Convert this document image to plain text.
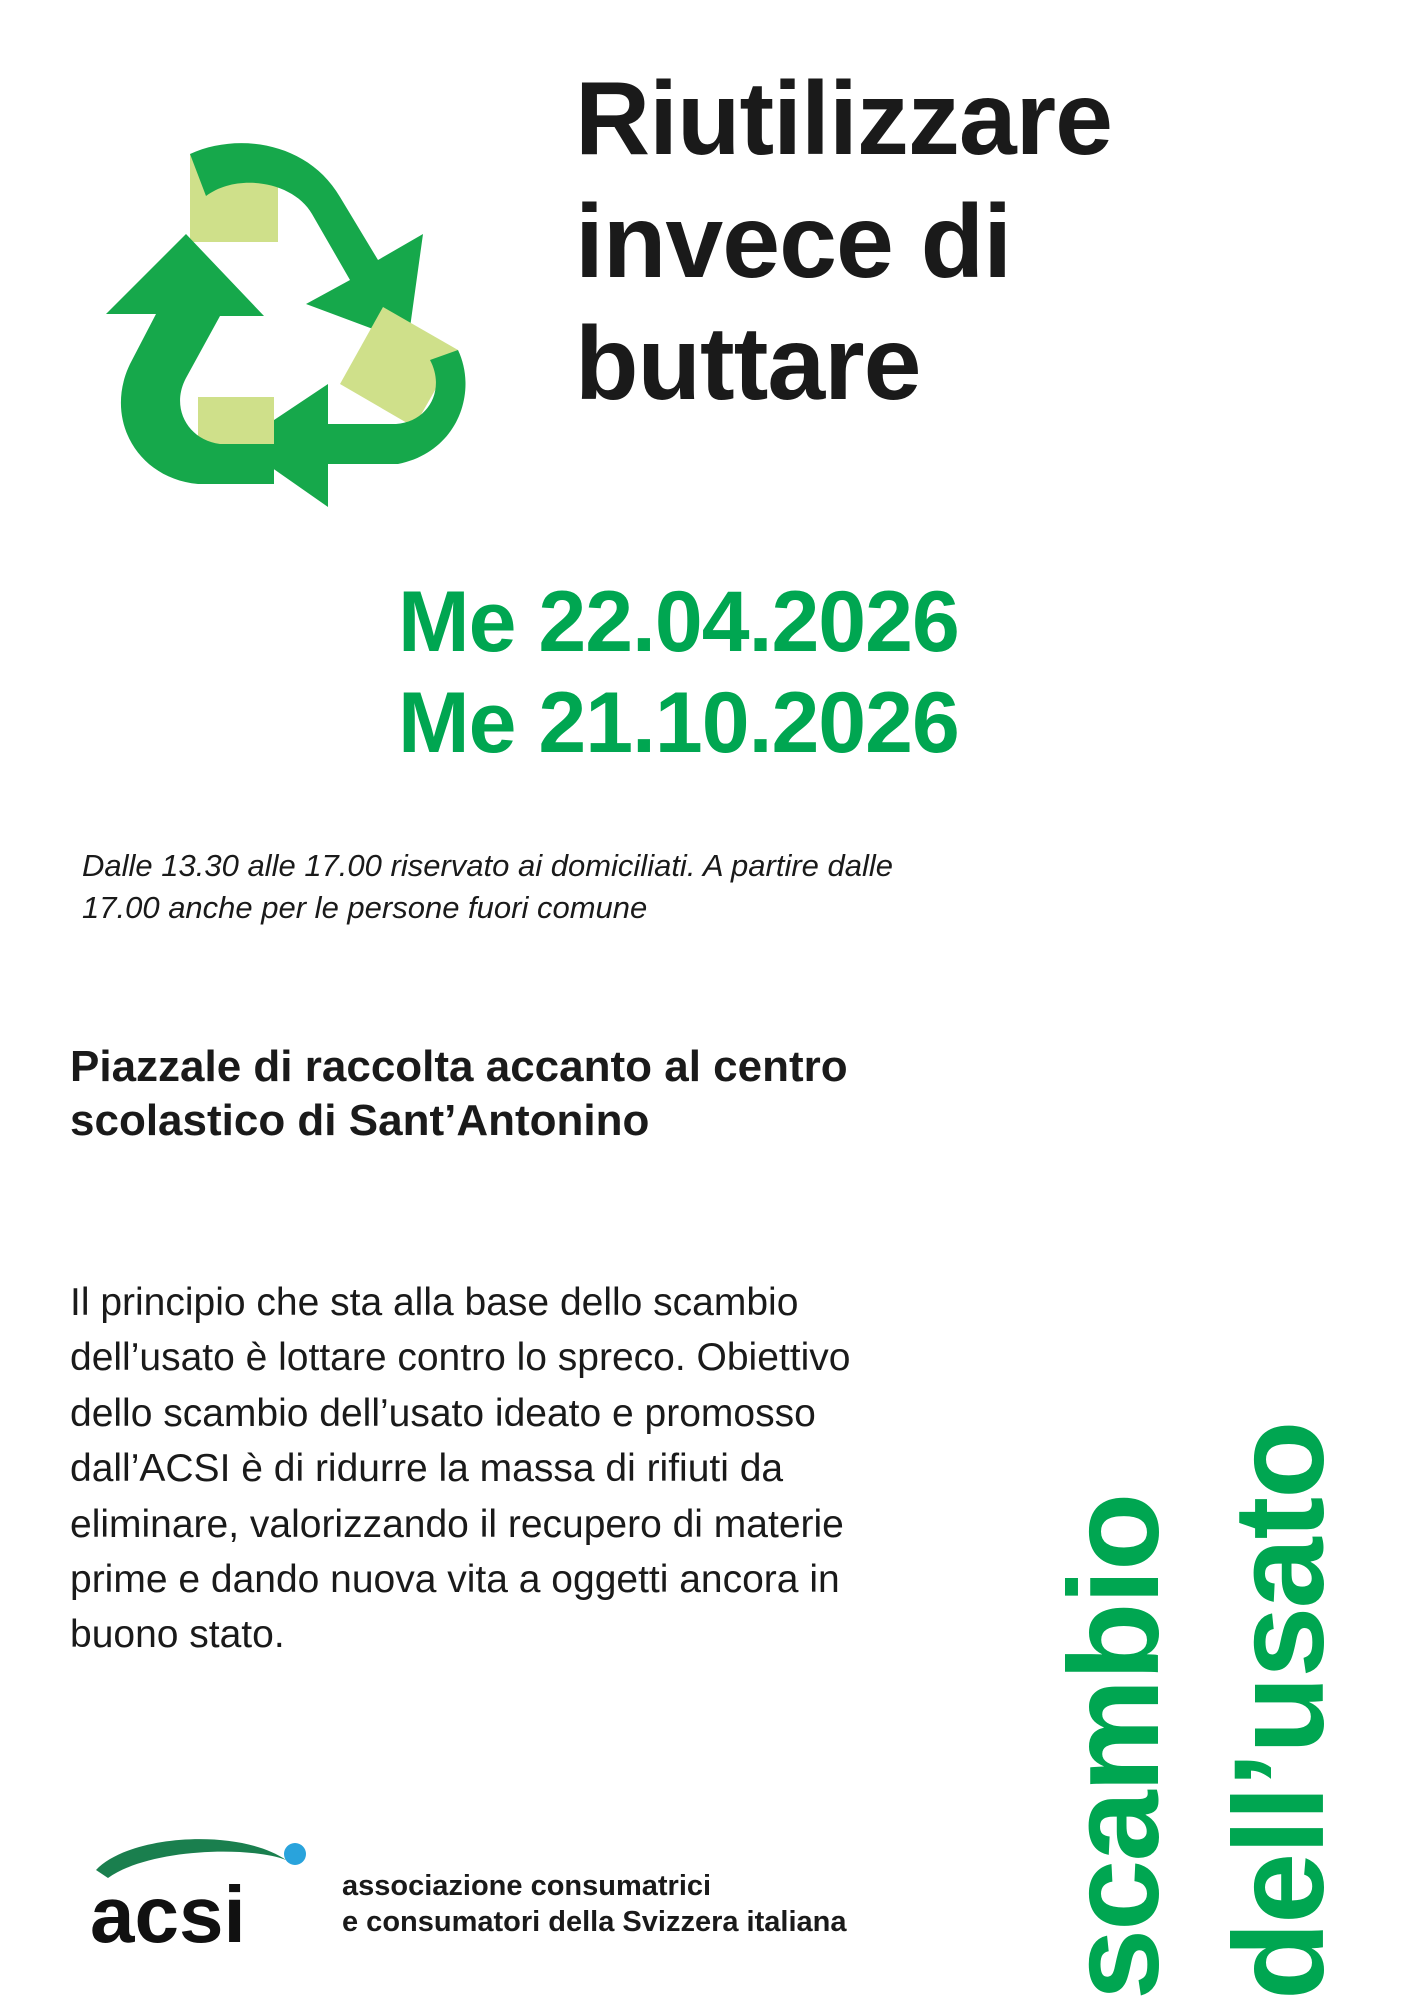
Riutilizzare
invece di
buttare
Me 22.04.2026
Me 21.10.2026
Dalle 13.30 alle 17.00 riservato ai domiciliati. A partire dalle 17.00 anche per le persone fuori comune
Piazzale di raccolta accanto al centro scolastico di Sant’Antonino
Il principio che sta alla base dello scambio dell’usato è lottare contro lo spreco. Obiettivo dello scambio dell’usato ideato e promosso dall’ACSI è di ridurre la massa di rifiuti da eliminare, valorizzando il recupero di materie prime e dando nuova vita a oggetti ancora in buono stato.	scambio dell’usato
acsi	associazione consumatrici
e consumatori della Svizzera italiana
